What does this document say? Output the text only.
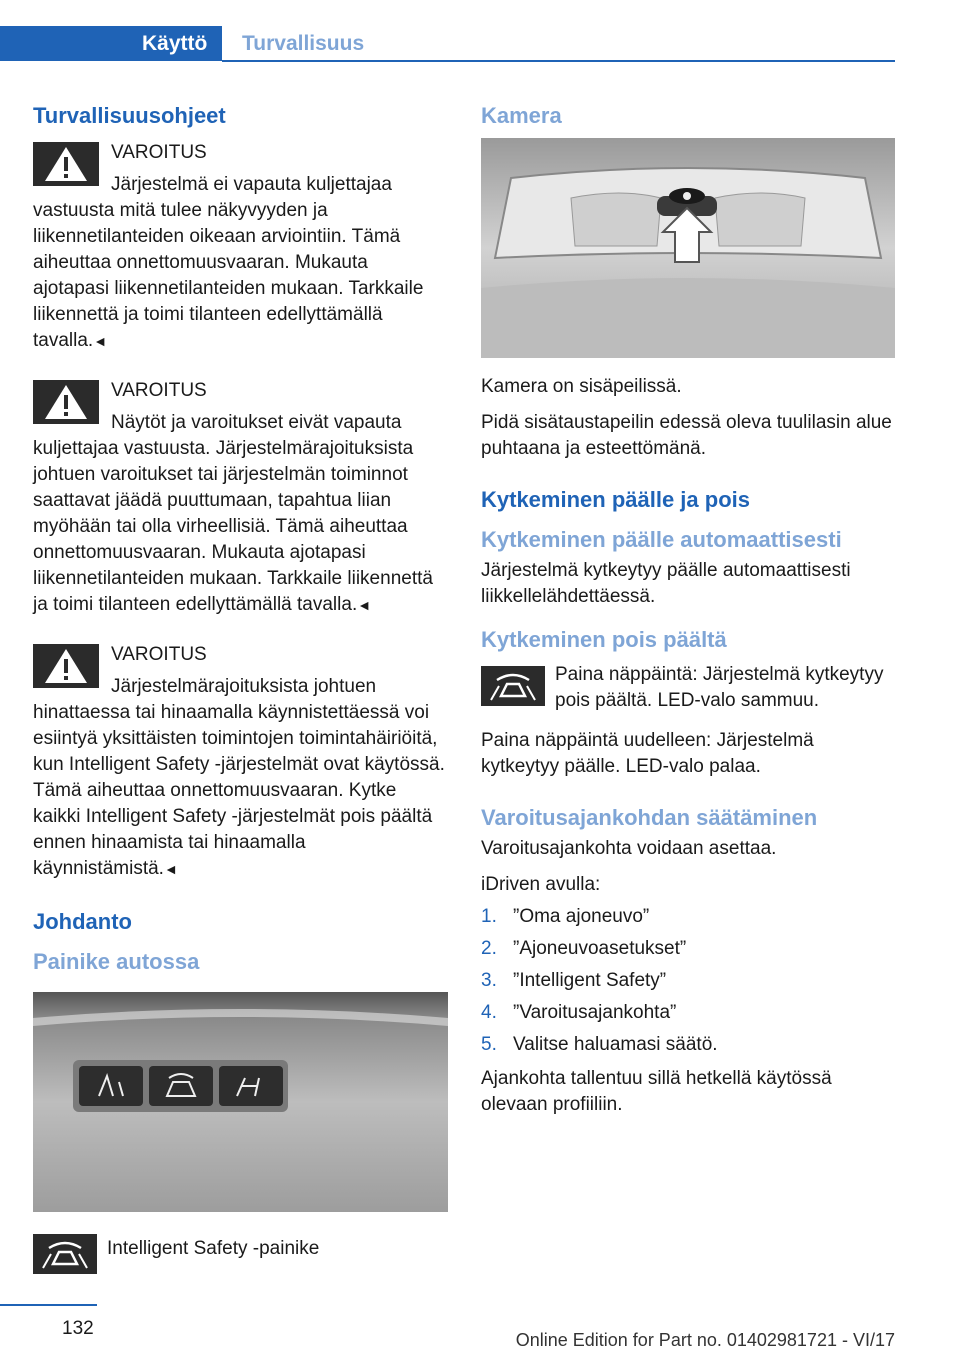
Käyttö	Turvallisuus
Turvallisuusohjeet
VAROITUS
Järjestelmä ei vapauta kuljettajaa vastuusta mitä tulee näkyvyyden ja liikennetilanteiden oikeaan arviointiin. Tämä aiheuttaa onnettomuusvaaran. Mukauta ajotapasi liikennetilanteiden mukaan. Tarkkaile liikennettä ja toimi tilanteen edellyttämällä tavalla.◄
VAROITUS
Näytöt ja varoitukset eivät vapauta kuljettajaa vastuusta. Järjestelmärajoituksista johtuen varoitukset tai järjestelmän toiminnot saattavat jäädä puuttumaan, tapahtua liian myöhään tai olla virheellisiä. Tämä aiheuttaa onnettomuusvaaran. Mukauta ajotapasi liikennetilanteiden mukaan. Tarkkaile liikennettä ja toimi tilanteen edellyttämällä tavalla.◄
VAROITUS
Järjestelmärajoituksista johtuen hinattaessa tai hinaamalla käynnistettäessä voi esiintyä yksittäisten toimintojen toimintahäiriöitä, kun Intelligent Safety -järjestelmät ovat käytössä. Tämä aiheuttaa onnettomuusvaaran. Kytke kaikki Intelligent Safety -järjestelmät pois päältä ennen hinaamista tai hinaamalla käynnistämistä.◄
Johdanto
Painike autossa
Intelligent Safety -painike
Kamera

Kamera on sisäpeilissä.

Pidä sisätaustapeilin edessä oleva tuulilasin alue puhtaana ja esteettömänä.

Kytkeminen päälle ja pois
Kytkeminen päälle automaattisesti

Järjestelmä kytkeytyy päälle automaattisesti liikkellelähdettäessä.

Kytkeminen pois päältä
Paina näppäintä: Järjestelmä kytkeytyy pois päältä. LED-valo sammuu.

Paina näppäintä uudelleen: Järjestelmä kytkeytyy päälle. LED-valo palaa.

Varoitusajankohdan säätäminen

Varoitusajankohta voidaan asettaa.

iDriven avulla:

1. ”Oma ajoneuvo”
2. ”Ajoneuvoasetukset”
3. ”Intelligent Safety”
4. ”Varoitusajankohta”
5. Valitse haluamasi säätö.

Ajankohta tallentuu sillä hetkellä käytössä olevaan profiiliin.

132
Online Edition for Part no. 01402981721 - VI/17
